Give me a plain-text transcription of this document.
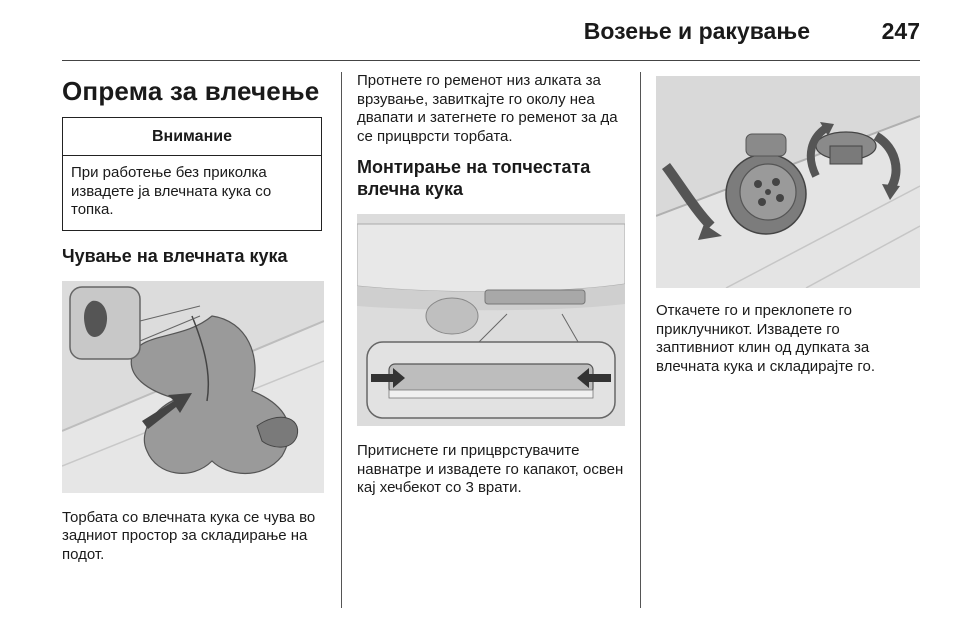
Возење и ракување	247
Опрема за влечење
Внимание
При работење без приколка извадете ја влечната кука со топка.
Чување на влечната кука
Торбата со влечната кука се чува во задниот простор за складирање на подот.
Протнете го ременот низ алката за врзување, завиткајте го околу неа двапати и затегнете го ременот за да се прицврсти торбата.
Монтирање на топчестата влечна кука
Притиснете ги прицврстувачите навнатре и извадете го капакот, освен кај хечбекот со 3 врати.
Откачете го и преклопете го приклучникот. Извадете го заптивниот клин од дупката за влечната кука и складирајте го.
